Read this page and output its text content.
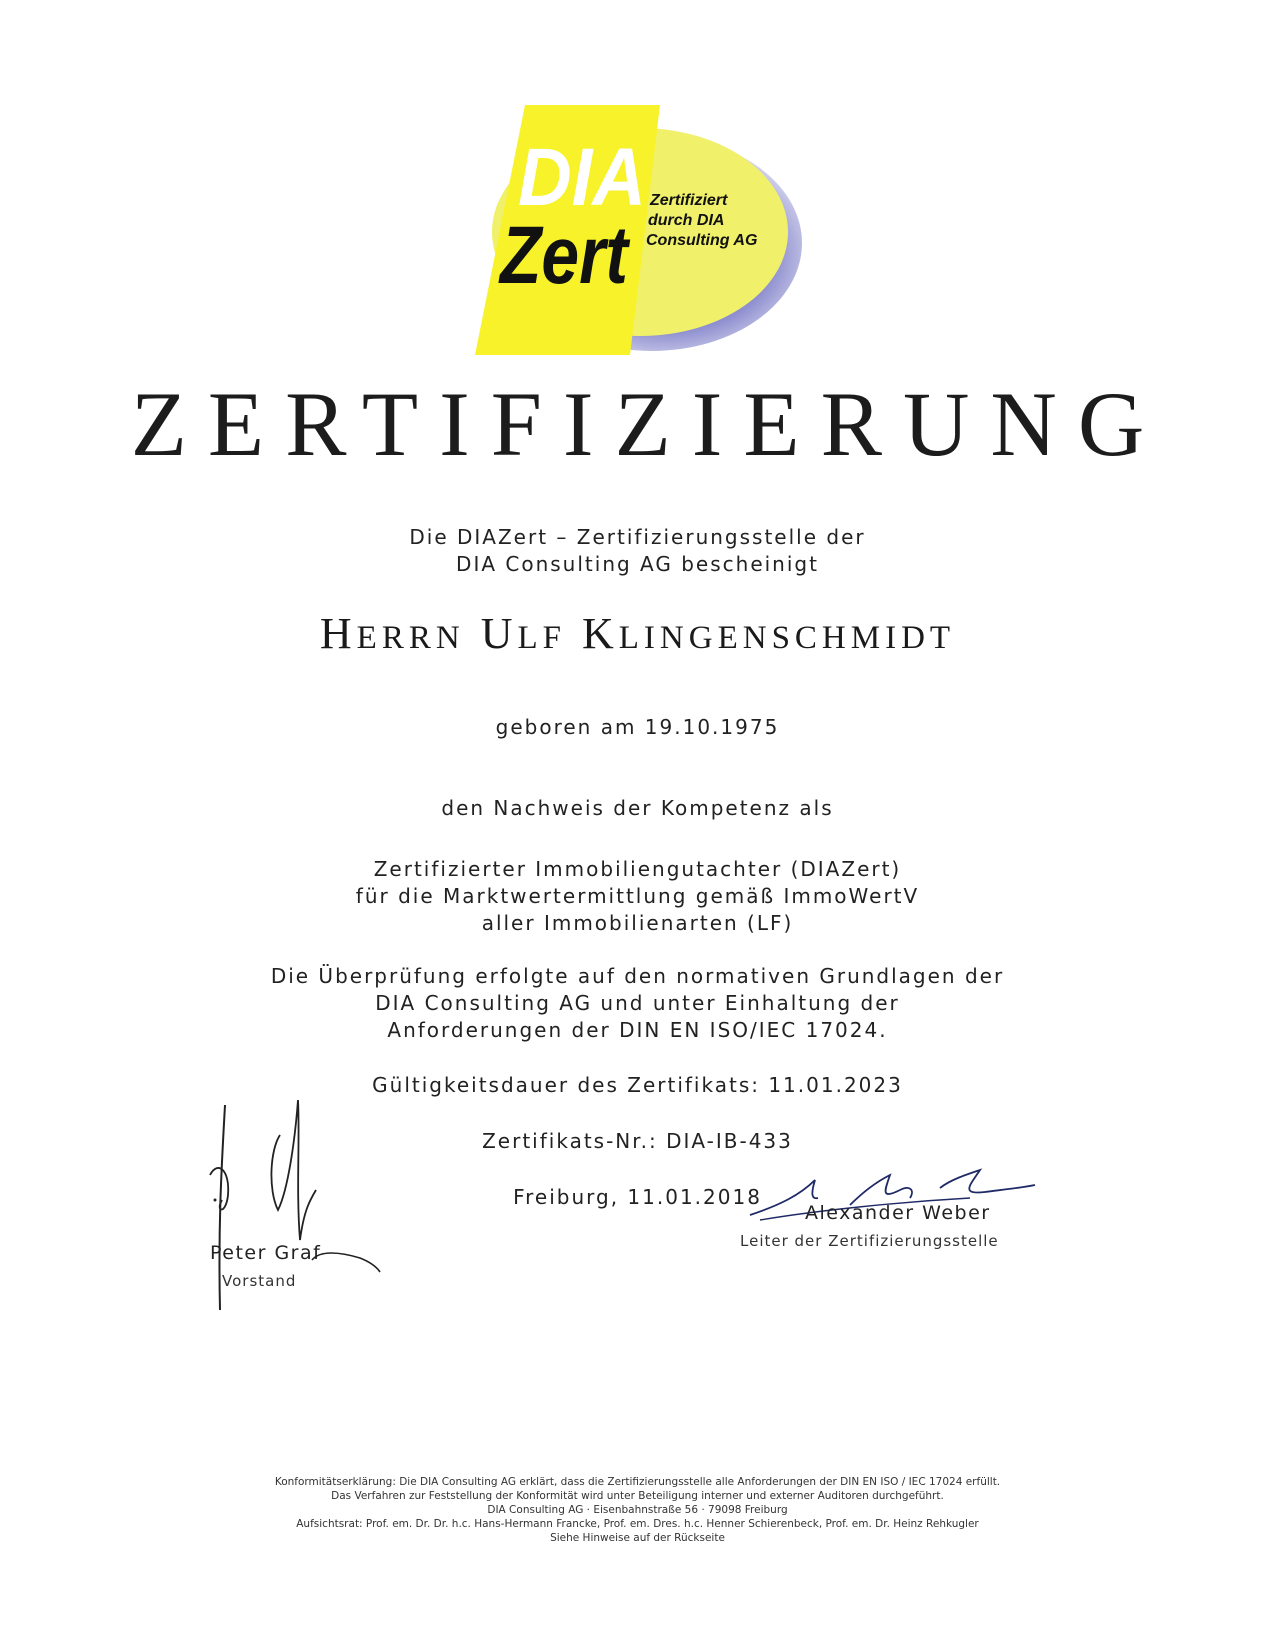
DIA
Zert
Zertifiziert
durch DIA
Consulting AG
ZERTIFIZIERUNG
Die DIAZert – Zertifizierungsstelle der
DIA Consulting AG bescheinigt
HERRN ULF KLINGENSCHMIDT
geboren am 19.10.1975
den Nachweis der Kompetenz als
Zertifizierter Immobiliengutachter (DIAZert)
für die Marktwertermittlung gemäß ImmoWertV
aller Immobilienarten (LF)
Die Überprüfung erfolgte auf den normativen Grundlagen der
DIA Consulting AG und unter Einhaltung der
Anforderungen der DIN EN ISO/IEC 17024.
Gültigkeitsdauer des Zertifikats: 11.01.2023
Zertifikats-Nr.: DIA-IB-433
Freiburg, 11.01.2018
Peter Graf
Vorstand
Alexander Weber
Leiter der Zertifizierungsstelle
Konformitätserklärung: Die DIA Consulting AG erklärt, dass die Zertifizierungsstelle alle Anforderungen der DIN EN ISO / IEC 17024 erfüllt.
Das Verfahren zur Feststellung der Konformität wird unter Beteiligung interner und externer Auditoren durchgeführt.
DIA Consulting AG · Eisenbahnstraße 56 · 79098 Freiburg
Aufsichtsrat: Prof. em. Dr. Dr. h.c. Hans-Hermann Francke, Prof. em. Dres. h.c. Henner Schierenbeck, Prof. em. Dr. Heinz Rehkugler
Siehe Hinweise auf der Rückseite
